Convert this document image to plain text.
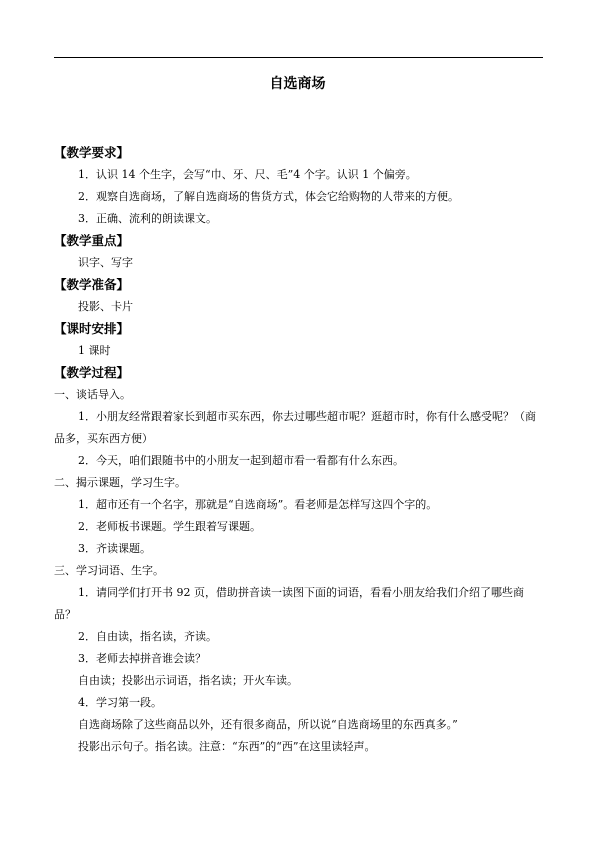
自选商场
【教学要求】
1．认识 14 个生字，会写“巾、牙、尺、毛”4 个字。认识 1 个偏旁。
2．观察自选商场，了解自选商场的售货方式，体会它给购物的人带来的方便。
3．正确、流利的朗读课文。
【教学重点】
识字、写字
【教学准备】
投影、卡片
【课时安排】
1 课时
【教学过程】
一、谈话导入。
1．小朋友经常跟着家长到超市买东西，你去过哪些超市呢？逛超市时，你有什么感受呢？（商品多，买东西方便）
2．今天，咱们跟随书中的小朋友一起到超市看一看都有什么东西。
二、揭示课题，学习生字。
1．超市还有一个名字，那就是“自选商场”。看老师是怎样写这四个字的。
2．老师板书课题。学生跟着写课题。
3．齐读课题。
三、学习词语、生字。
1．请同学们打开书 92 页，借助拼音读一读图下面的词语，看看小朋友给我们介绍了哪些商品？
2．自由读，指名读，齐读。
3．老师去掉拼音谁会读？
自由读；投影出示词语，指名读；开火车读。
4．学习第一段。
自选商场除了这些商品以外，还有很多商品，所以说“自选商场里的东西真多。”
投影出示句子。指名读。注意：“东西”的“西”在这里读轻声。
